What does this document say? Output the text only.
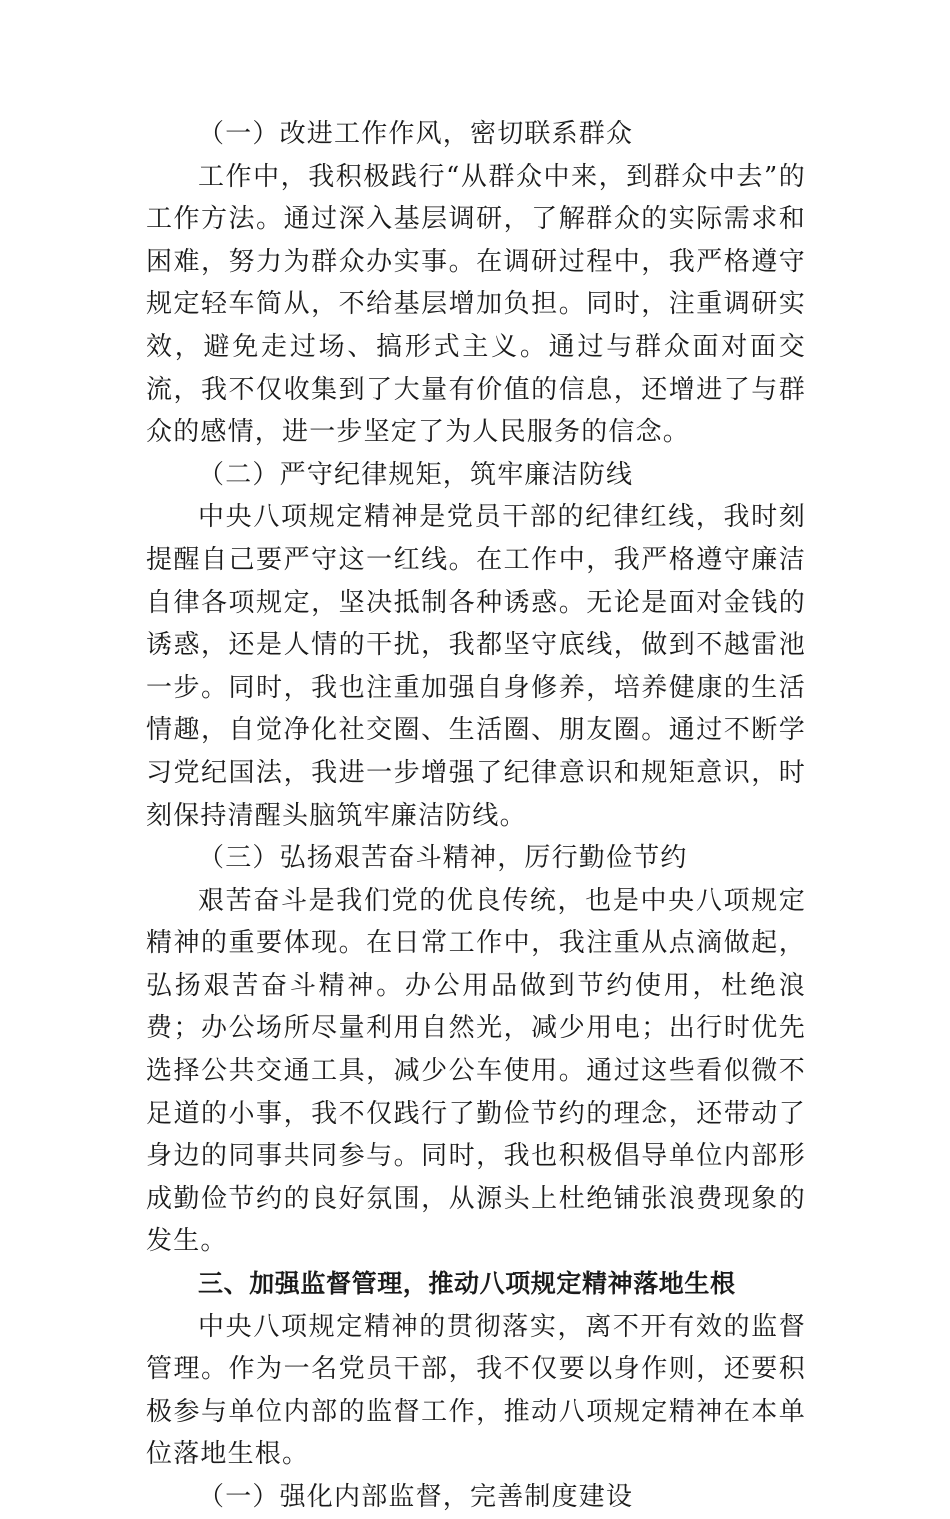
（一）改进工作作风，密切联系群众

工作中，我积极践行“从群众中来，到群众中去”的工作方法。通过深入基层调研，了解群众的实际需求和困难，努力为群众办实事。在调研过程中，我严格遵守规定轻车简从，不给基层增加负担。同时，注重调研实效，避免走过场、搞形式主义。通过与群众面对面交流，我不仅收集到了大量有价值的信息，还增进了与群众的感情，进一步坚定了为人民服务的信念。

（二）严守纪律规矩，筑牢廉洁防线

中央八项规定精神是党员干部的纪律红线，我时刻提醒自己要严守这一红线。在工作中，我严格遵守廉洁自律各项规定，坚决抵制各种诱惑。无论是面对金钱的诱惑，还是人情的干扰，我都坚守底线，做到不越雷池一步。同时，我也注重加强自身修养，培养健康的生活情趣，自觉净化社交圈、生活圈、朋友圈。通过不断学习党纪国法，我进一步增强了纪律意识和规矩意识，时刻保持清醒头脑筑牢廉洁防线。

（三）弘扬艰苦奋斗精神，厉行勤俭节约

艰苦奋斗是我们党的优良传统，也是中央八项规定精神的重要体现。在日常工作中，我注重从点滴做起，弘扬艰苦奋斗精神。办公用品做到节约使用，杜绝浪费；办公场所尽量利用自然光，减少用电；出行时优先选择公共交通工具，减少公车使用。通过这些看似微不足道的小事，我不仅践行了勤俭节约的理念，还带动了身边的同事共同参与。同时，我也积极倡导单位内部形成勤俭节约的良好氛围，从源头上杜绝铺张浪费现象的发生。

三、加强监督管理，推动八项规定精神落地生根

中央八项规定精神的贯彻落实，离不开有效的监督管理。作为一名党员干部，我不仅要以身作则，还要积极参与单位内部的监督工作，推动八项规定精神在本单位落地生根。

（一）强化内部监督，完善制度建设
